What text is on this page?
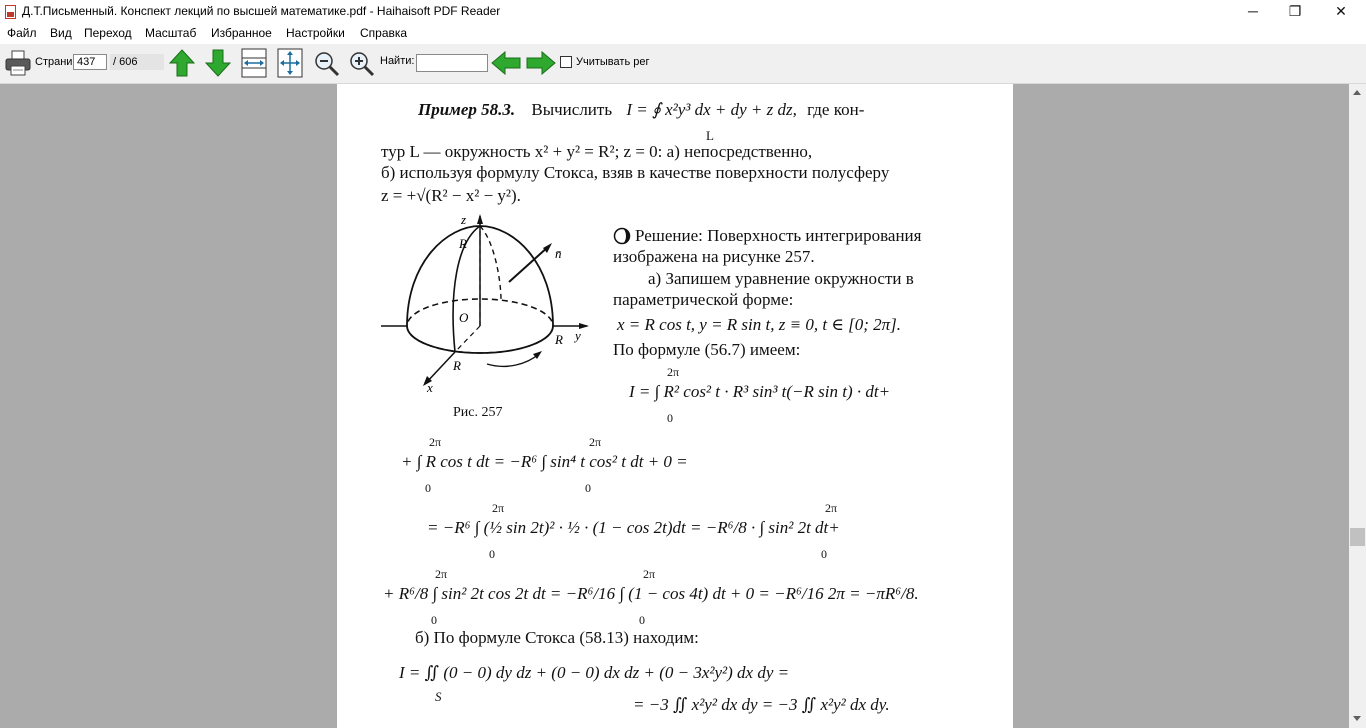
Д.Т.Письменный. Конспект лекций по высшей математике.pdf - Haihaisoft PDF Reader	─	❐	✕
Файл Вид Переход Масштаб Избранное Настройки Справка
Страни
437	/ 606	Найти:	Учитывать рег
Пример 58.3. Вычислить I = ∮ x²y³ dx + dy + z dz, где кон-
L
тур L — окружность x² + y² = R²; z = 0: а) непосредственно,
б) используя формулу Стокса, взяв в качестве поверхности полусферу
z = +√(R² − x² − y²).
z
R
n̄
O
R y
R
x
Рис. 257
Решение: Поверхность интегрирования
изображена на рисунке 257.
а) Запишем уравнение окружности в
параметрической форме:
x = R cos t, y = R sin t, z ≡ 0, t ∈ [0; 2π].
По формуле (56.7) имеем:
2π
I = ∫ R² cos² t · R³ sin³ t(−R sin t) · dt+
0
2π	2π
+ ∫ R cos t dt = −R⁶ ∫ sin⁴ t cos² t dt + 0 =
0	0
2π	2π
= −R⁶ ∫ (½ sin 2t)² · ½ · (1 − cos 2t)dt = −R⁶/8 · ∫ sin² 2t dt+
0	0
2π	2π
+ R⁶/8 ∫ sin² 2t cos 2t dt = −R⁶/16 ∫ (1 − cos 4t) dt + 0 = −R⁶/16 2π = −πR⁶/8.
0	0
б) По формуле Стокса (58.13) находим:
I = ∬ (0 − 0) dy dz + (0 − 0) dx dz + (0 − 3x²y²) dx dy =
S	= −3 ∬ x²y² dx dy = −3 ∬ x²y² dx dy.
